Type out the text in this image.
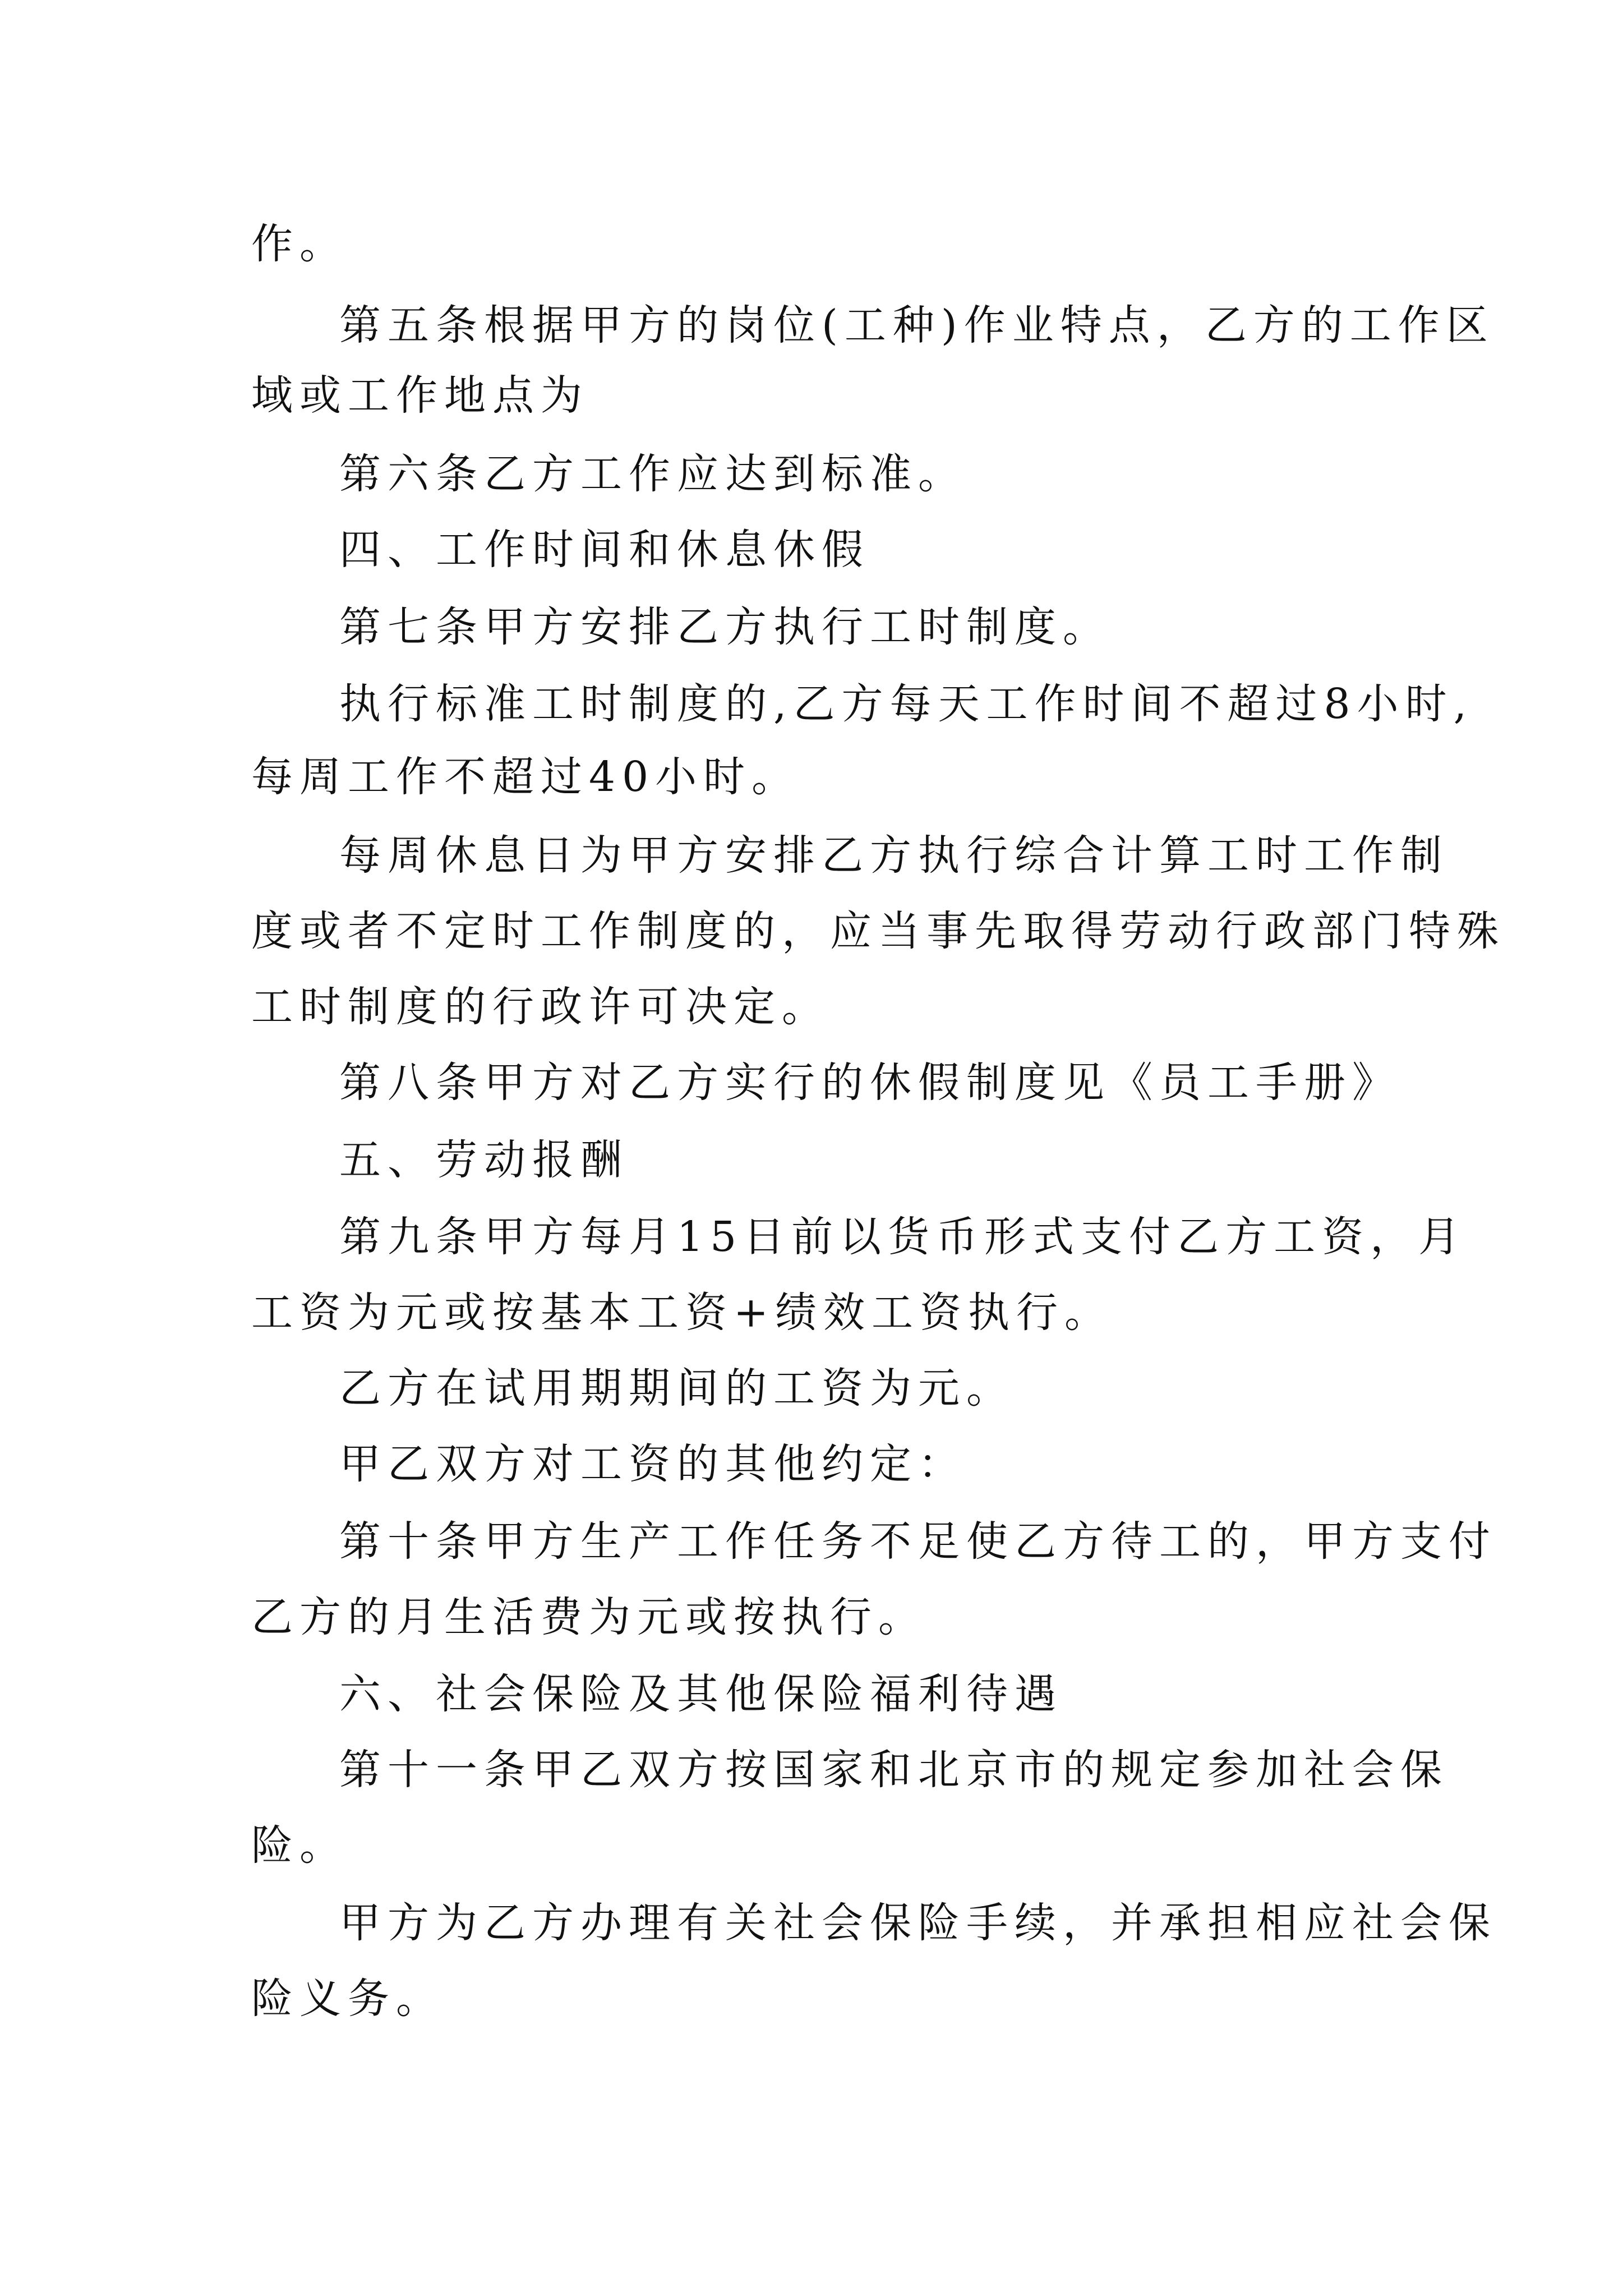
作。

第五条根据甲方的岗位(工种)作业特点，乙方的工作区

域或工作地点为

第六条乙方工作应达到标准。

四、工作时间和休息休假

第七条甲方安排乙方执行工时制度。

执行标准工时制度的,乙方每天工作时间不超过8小时,

每周工作不超过40小时。

每周休息日为甲方安排乙方执行综合计算工时工作制

度或者不定时工作制度的，应当事先取得劳动行政部门特殊

工时制度的行政许可决定。

第八条甲方对乙方实行的休假制度见《员工手册》

五、劳动报酬

第九条甲方每月15日前以货币形式支付乙方工资，月

工资为元或按基本工资+绩效工资执行。

乙方在试用期期间的工资为元。

甲乙双方对工资的其他约定：

第十条甲方生产工作任务不足使乙方待工的，甲方支付

乙方的月生活费为元或按执行。

六、社会保险及其他保险福利待遇

第十一条甲乙双方按国家和北京市的规定参加社会保

险。

甲方为乙方办理有关社会保险手续，并承担相应社会保

险义务。
